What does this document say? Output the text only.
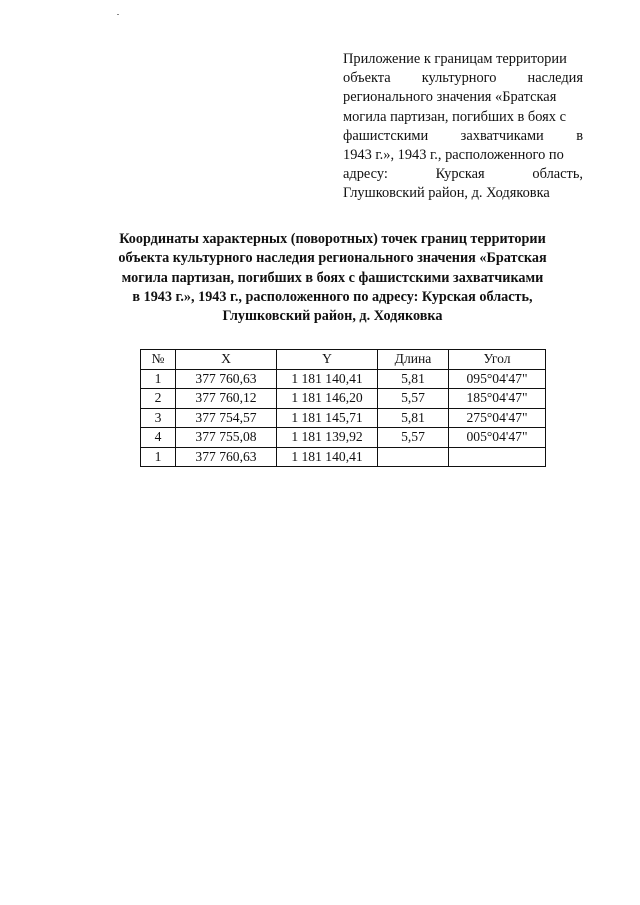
Приложение к границам территории
объекта культурного наследия
регионального значения «Братская
могила партизан, погибших в боях с
фашистскими захватчиками в
1943 г.», 1943 г., расположенного по
адресу: Курская область,
Глушковский район, д. Ходяковка
Координаты характерных (поворотных) точек границ территории
объекта культурного наследия регионального значения «Братская
могила партизан, погибших в боях с фашистскими захватчиками
в 1943 г.», 1943 г., расположенного по адресу: Курская область,
Глушковский район, д. Ходяковка
№	X	Y	Длина	Угол
1	377 760,63	1 181 140,41	5,81	095°04'47"
2	377 760,12	1 181 146,20	5,57	185°04'47"
3	377 754,57	1 181 145,71	5,81	275°04'47"
4	377 755,08	1 181 139,92	5,57	005°04'47"
1	377 760,63	1 181 140,41		
